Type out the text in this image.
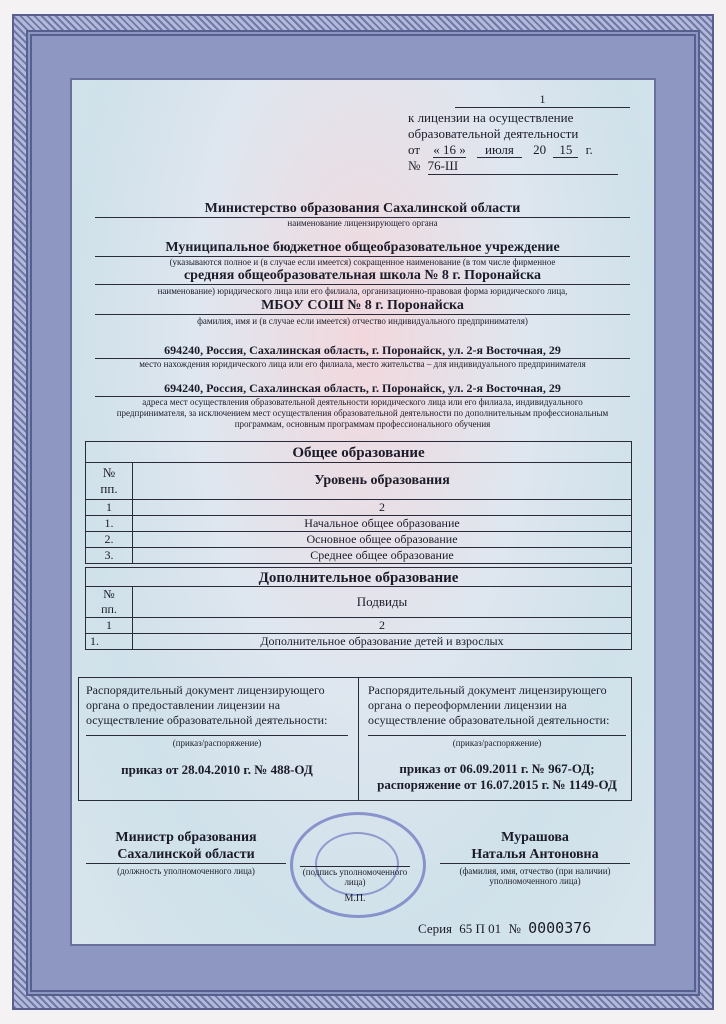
1
к лицензии на осуществление
образовательной деятельности
от « 16 » июля 20 15 г.
№ 76-Ш
Министерство образования Сахалинской области
наименование лицензирующего органа
Муниципальное бюджетное общеобразовательное учреждение
(указываются полное и (в случае если имеется) сокращенное наименование (в том числе фирменное
средняя общеобразовательная школа № 8 г. Поронайска
наименование) юридического лица или его филиала, организационно-правовая форма юридического лица,
МБОУ СОШ № 8 г. Поронайска
фамилия, имя и (в случае если имеется) отчество индивидуального предпринимателя)
694240, Россия, Сахалинская область, г. Поронайск, ул. 2-я Восточная, 29
место нахождения юридического лица или его филиала, место жительства – для индивидуального предпринимателя
694240, Россия, Сахалинская область, г. Поронайск, ул. 2-я Восточная, 29
адреса мест осуществления образовательной деятельности юридического лица или его филиала, индивидуального
предпринимателя, за исключением мест осуществления образовательной деятельности по дополнительным профессиональным
программам, основным программам профессионального обучения
Общее образование
№
пп.	Уровень образования
1	2
1.	Начальное общее образование
2.	Основное общее образование
3.	Среднее общее образование
Дополнительное образование
№
пп.	Подвиды
1	2
1.	Дополнительное образование детей и взрослых
Распорядительный документ лицензирующего
органа о предоставлении лицензии на
осуществление образовательной деятельности:
(приказ/распоряжение)
приказ от 28.04.2010 г. № 488-ОД
Распорядительный документ лицензирующего
органа о переоформлении лицензии на
осуществление образовательной деятельности:
(приказ/распоряжение)
приказ от 06.09.2011 г. № 967-ОД;
распоряжение от 16.07.2015 г. № 1149-ОД
Министр образования
Сахалинской области
(должность уполномоченного лица)	(подпись уполномоченного
лица)
М.П.
Мурашова
Наталья Антоновна
(фамилия, имя, отчество (при наличии)
уполномоченного лица)
Серия 65 П 01 № 0000376
